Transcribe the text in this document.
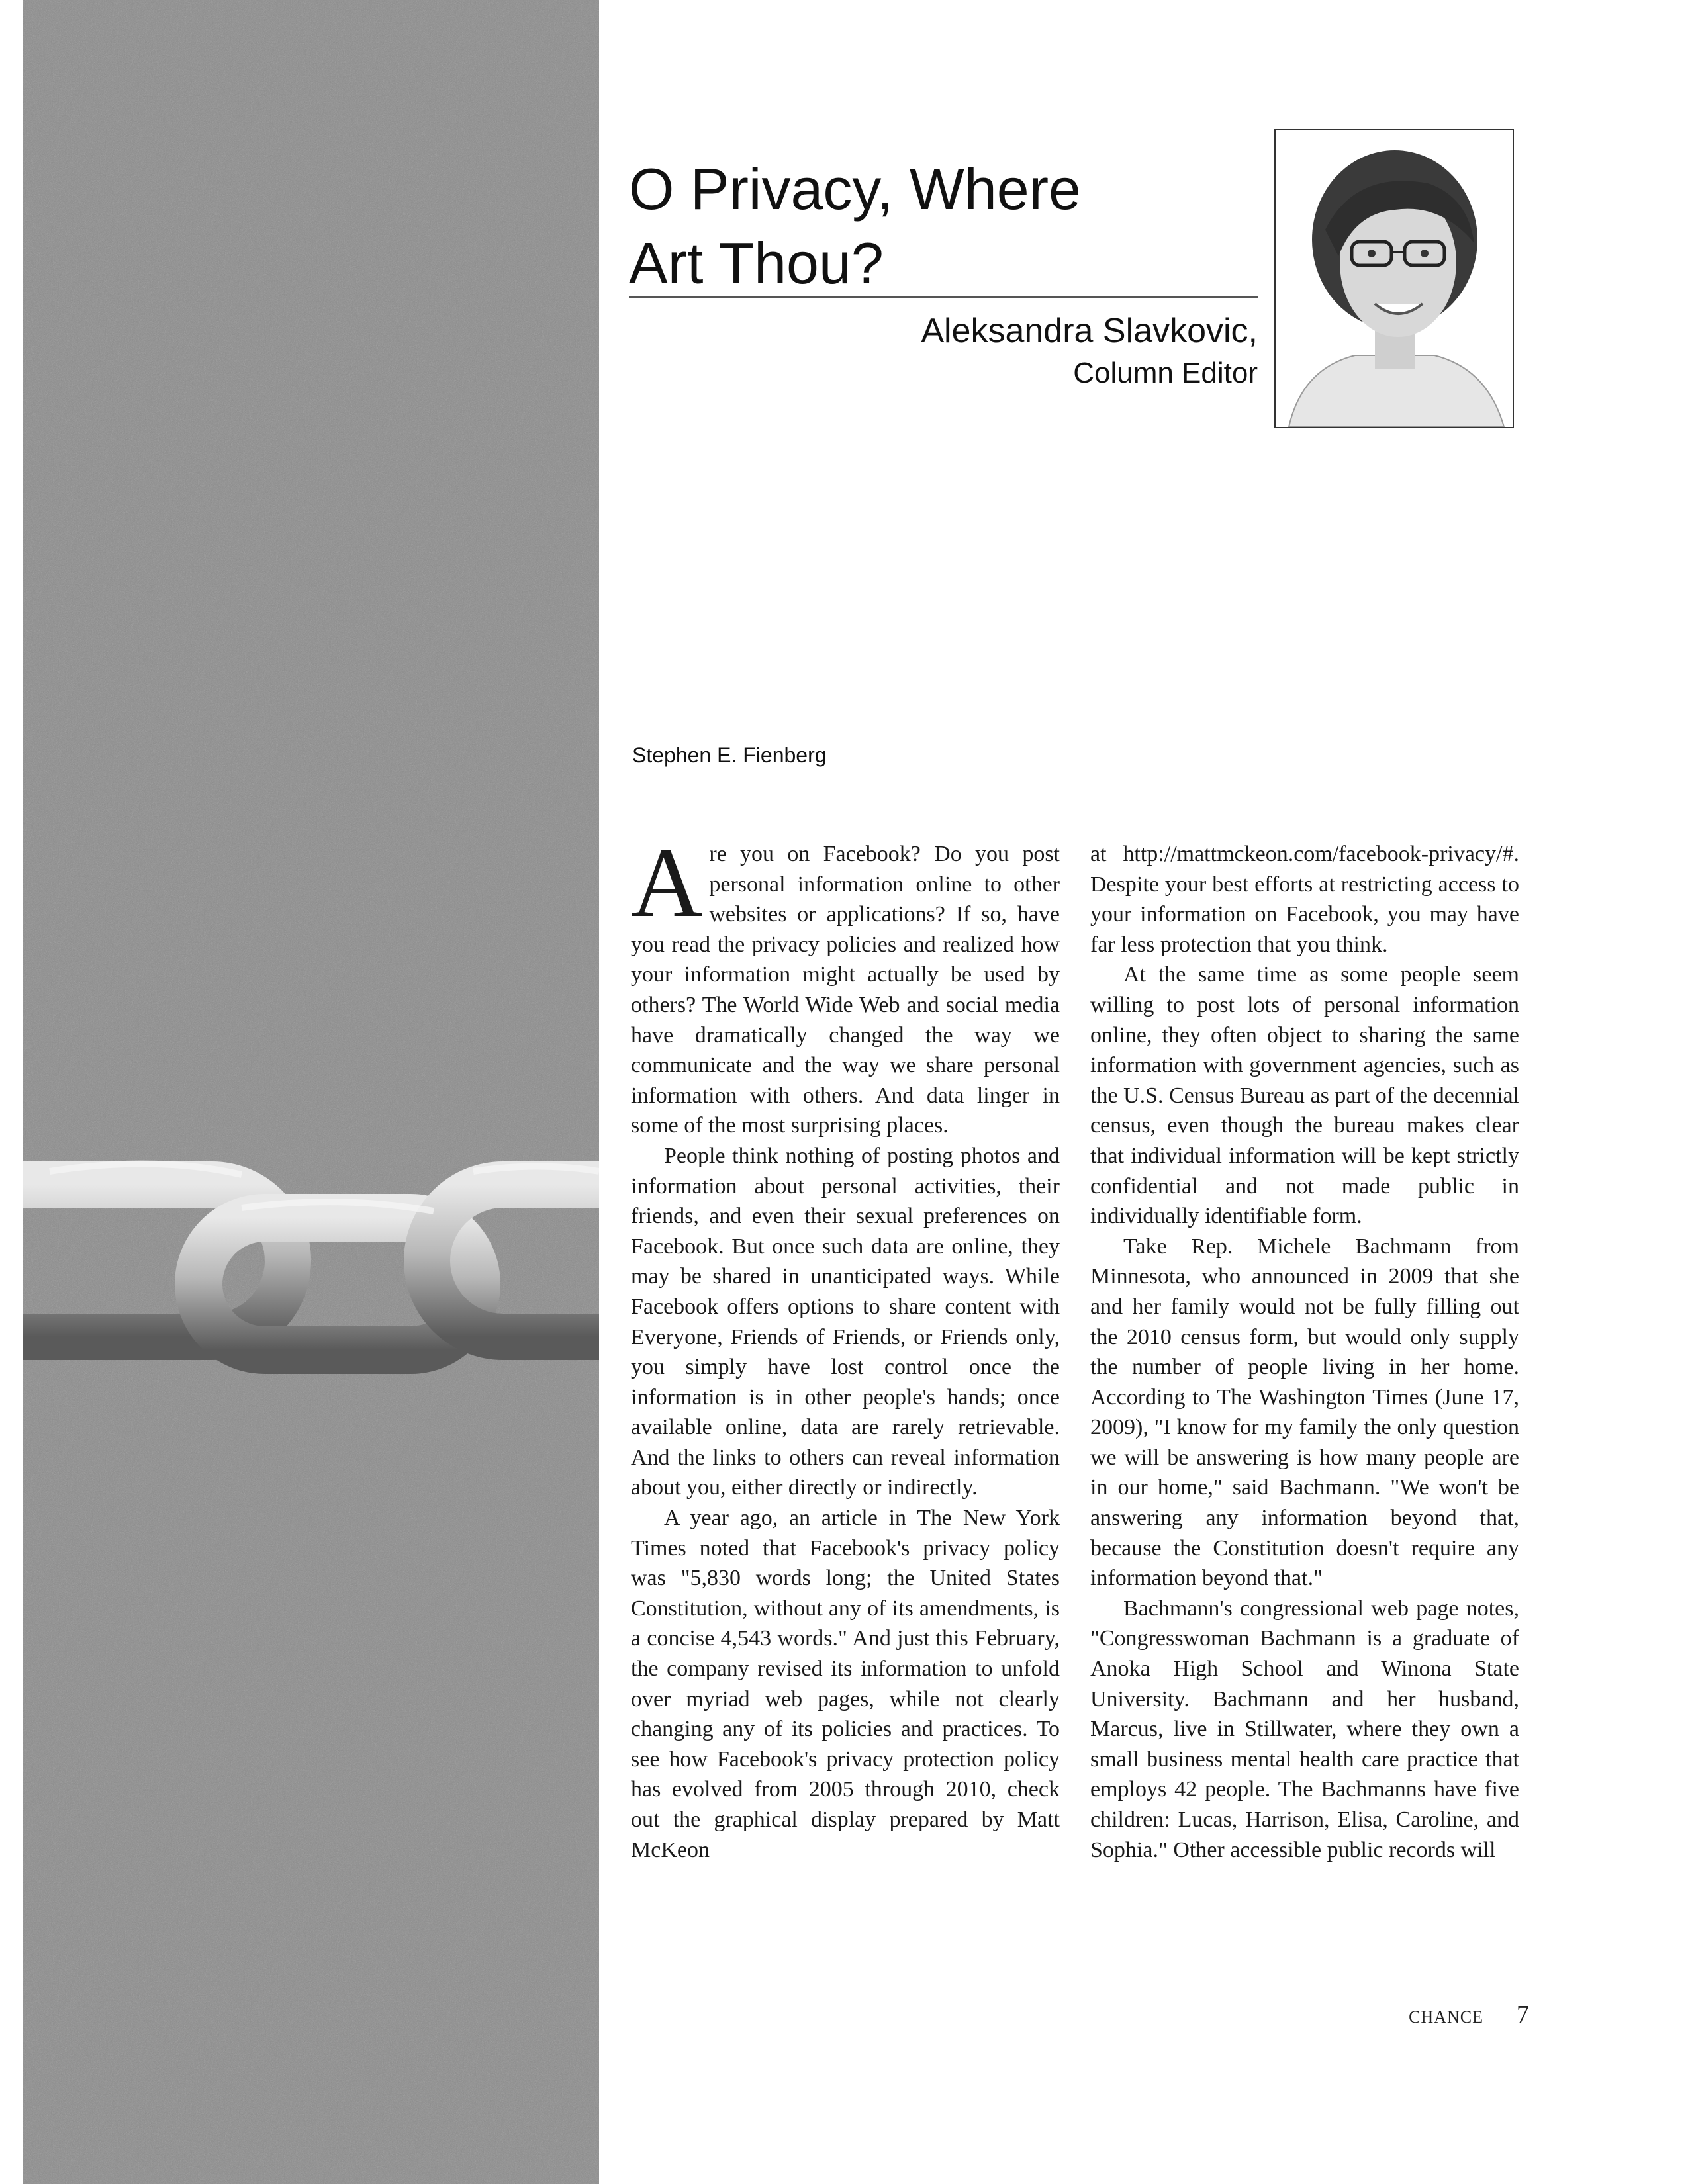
O Privacy, Where
Art Thou?
Aleksandra Slavkovic,
Column Editor
Stephen E. Fienberg

Are you on Facebook? Do you post personal information online to other websites or applications? If so, have you read the privacy policies and realized how your information might actually be used by others? The World Wide Web and social media have dramatically changed the way we communicate and the way we share personal information with others. And data linger in some of the most surprising places.

People think nothing of posting photos and information about personal activities, their friends, and even their sexual preferences on Facebook. But once such data are online, they may be shared in unanticipated ways. While Facebook offers options to share content with Everyone, Friends of Friends, or Friends only, you simply have lost control once the information is in other people's hands; once available online, data are rarely retrievable. And the links to others can reveal information about you, either directly or indirectly.

A year ago, an article in The New York Times noted that Facebook's privacy policy was "5,830 words long; the United States Constitution, without any of its amendments, is a concise 4,543 words." And just this February, the company revised its information to unfold over myriad web pages, while not clearly changing any of its policies and practices. To see how Facebook's privacy protection policy has evolved from 2005 through 2010, check out the graphical display prepared by Matt McKeon

at http://mattmckeon.com/facebook-privacy/#. Despite your best efforts at restricting access to your information on Facebook, you may have far less protection that you think.

At the same time as some people seem willing to post lots of personal information online, they often object to sharing the same information with government agencies, such as the U.S. Census Bureau as part of the decennial census, even though the bureau makes clear that individual information will be kept strictly confidential and not made public in individually identifiable form.

Take Rep. Michele Bachmann from Minnesota, who announced in 2009 that she and her family would not be fully filling out the 2010 census form, but would only supply the number of people living in her home. According to The Washington Times (June 17, 2009), "I know for my family the only question we will be answering is how many people are in our home," said Bachmann. "We won't be answering any information beyond that, because the Constitution doesn't require any information beyond that."

Bachmann's congressional web page notes, "Congresswoman Bachmann is a graduate of Anoka High School and Winona State University. Bachmann and her husband, Marcus, live in Stillwater, where they own a small business mental health care practice that employs 42 people. The Bachmanns have five children: Lucas, Harrison, Elisa, Caroline, and Sophia." Other accessible public records will

CHANCE 7
